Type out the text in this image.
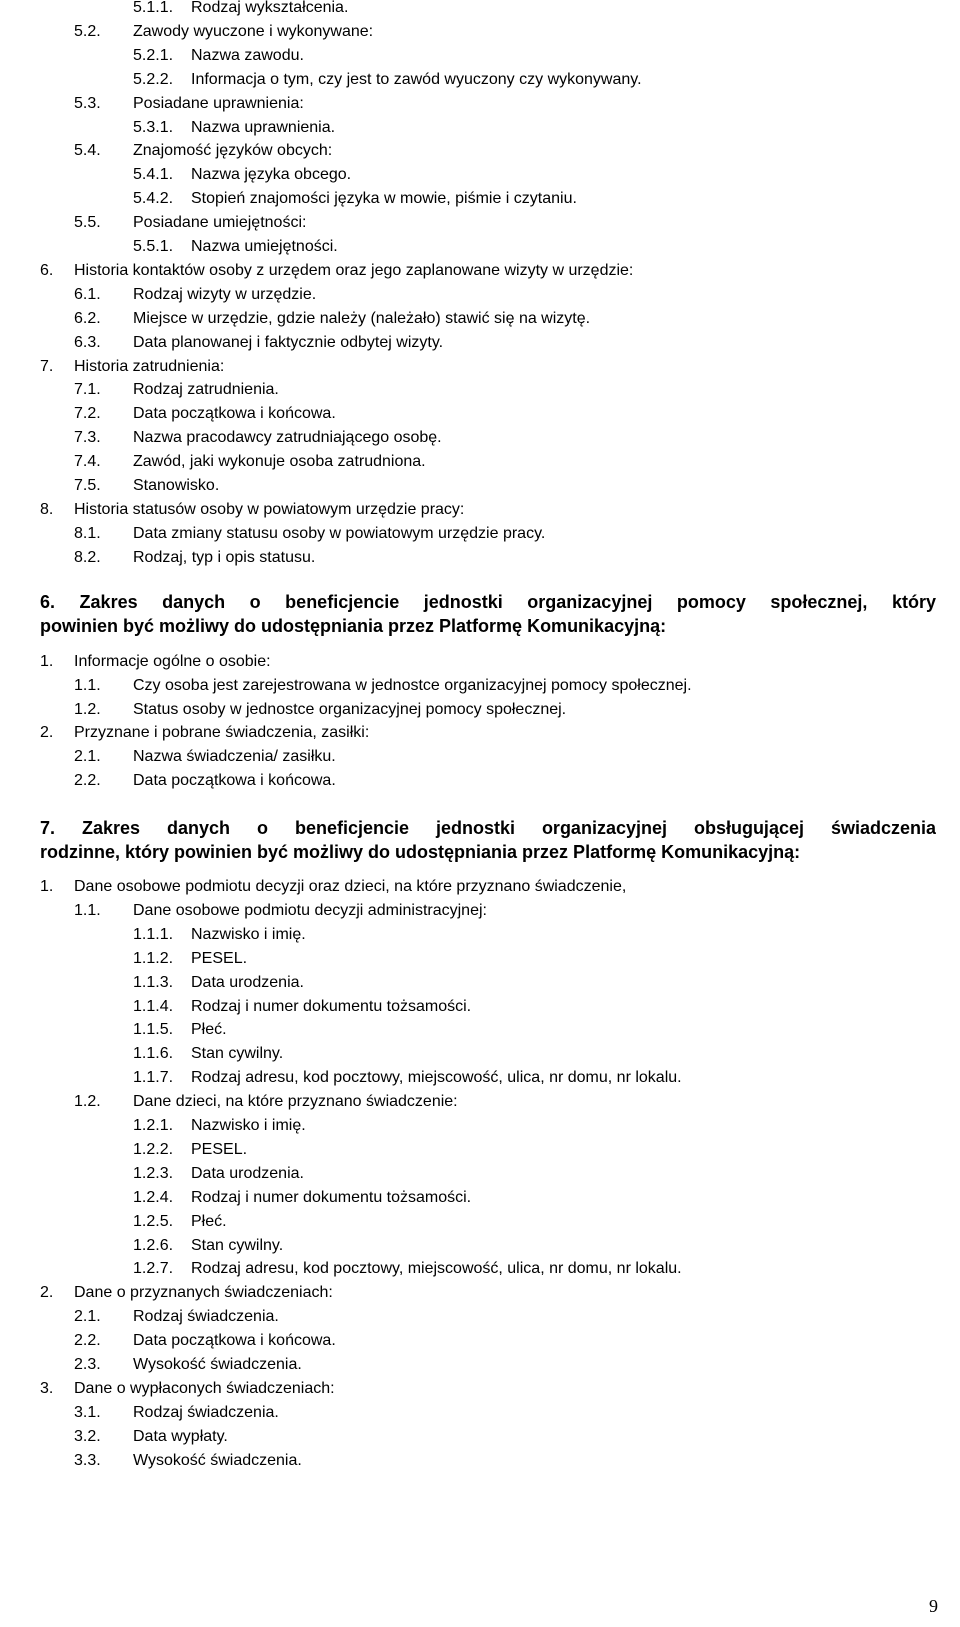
5.1.1. Rodzaj wykształcenia.
5.2. Zawody wyuczone i wykonywane:
5.2.1. Nazwa zawodu.
5.2.2. Informacja o tym, czy jest to zawód wyuczony czy wykonywany.
5.3. Posiadane uprawnienia:
5.3.1. Nazwa uprawnienia.
5.4. Znajomość języków obcych:
5.4.1. Nazwa języka obcego.
5.4.2. Stopień znajomości języka w mowie, piśmie i czytaniu.
5.5. Posiadane umiejętności:
5.5.1. Nazwa umiejętności.
6. Historia kontaktów osoby z urzędem oraz jego zaplanowane wizyty w urzędzie:
6.1. Rodzaj wizyty w urzędzie.
6.2. Miejsce w urzędzie, gdzie należy (należało) stawić się na wizytę.
6.3. Data planowanej i faktycznie odbytej wizyty.
7. Historia zatrudnienia:
7.1. Rodzaj zatrudnienia.
7.2. Data początkowa i końcowa.
7.3. Nazwa pracodawcy zatrudniającego osobę.
7.4. Zawód, jaki wykonuje osoba zatrudniona.
7.5. Stanowisko.
8. Historia statusów osoby w powiatowym urzędzie pracy:
8.1. Data zmiany statusu osoby w powiatowym urzędzie pracy.
8.2. Rodzaj, typ i opis statusu.
6. Zakres danych o beneficjencie jednostki organizacyjnej pomocy społecznej, który
powinien być możliwy do udostępniania przez Platformę Komunikacyjną:
1. Informacje ogólne o osobie:
1.1. Czy osoba jest zarejestrowana w jednostce organizacyjnej pomocy społecznej.
1.2. Status osoby w jednostce organizacyjnej pomocy społecznej.
2. Przyznane i pobrane świadczenia, zasiłki:
2.1. Nazwa świadczenia/ zasiłku.
2.2. Data początkowa i końcowa.
7. Zakres danych o beneficjencie jednostki organizacyjnej obsługującej świadczenia
rodzinne, który powinien być możliwy do udostępniania przez Platformę Komunikacyjną:
1. Dane osobowe podmiotu decyzji oraz dzieci, na które przyznano świadczenie,
1.1. Dane osobowe podmiotu decyzji administracyjnej:
1.1.1. Nazwisko i imię.
1.1.2. PESEL.
1.1.3. Data urodzenia.
1.1.4. Rodzaj i numer dokumentu tożsamości.
1.1.5. Płeć.
1.1.6. Stan cywilny.
1.1.7. Rodzaj adresu, kod pocztowy, miejscowość, ulica, nr domu, nr lokalu.
1.2. Dane dzieci, na które przyznano świadczenie:
1.2.1. Nazwisko i imię.
1.2.2. PESEL.
1.2.3. Data urodzenia.
1.2.4. Rodzaj i numer dokumentu tożsamości.
1.2.5. Płeć.
1.2.6. Stan cywilny.
1.2.7. Rodzaj adresu, kod pocztowy, miejscowość, ulica, nr domu, nr lokalu.
2. Dane o przyznanych świadczeniach:
2.1. Rodzaj świadczenia.
2.2. Data początkowa i końcowa.
2.3. Wysokość świadczenia.
3. Dane o wypłaconych świadczeniach:
3.1. Rodzaj świadczenia.
3.2. Data wypłaty.
3.3. Wysokość świadczenia.
9
